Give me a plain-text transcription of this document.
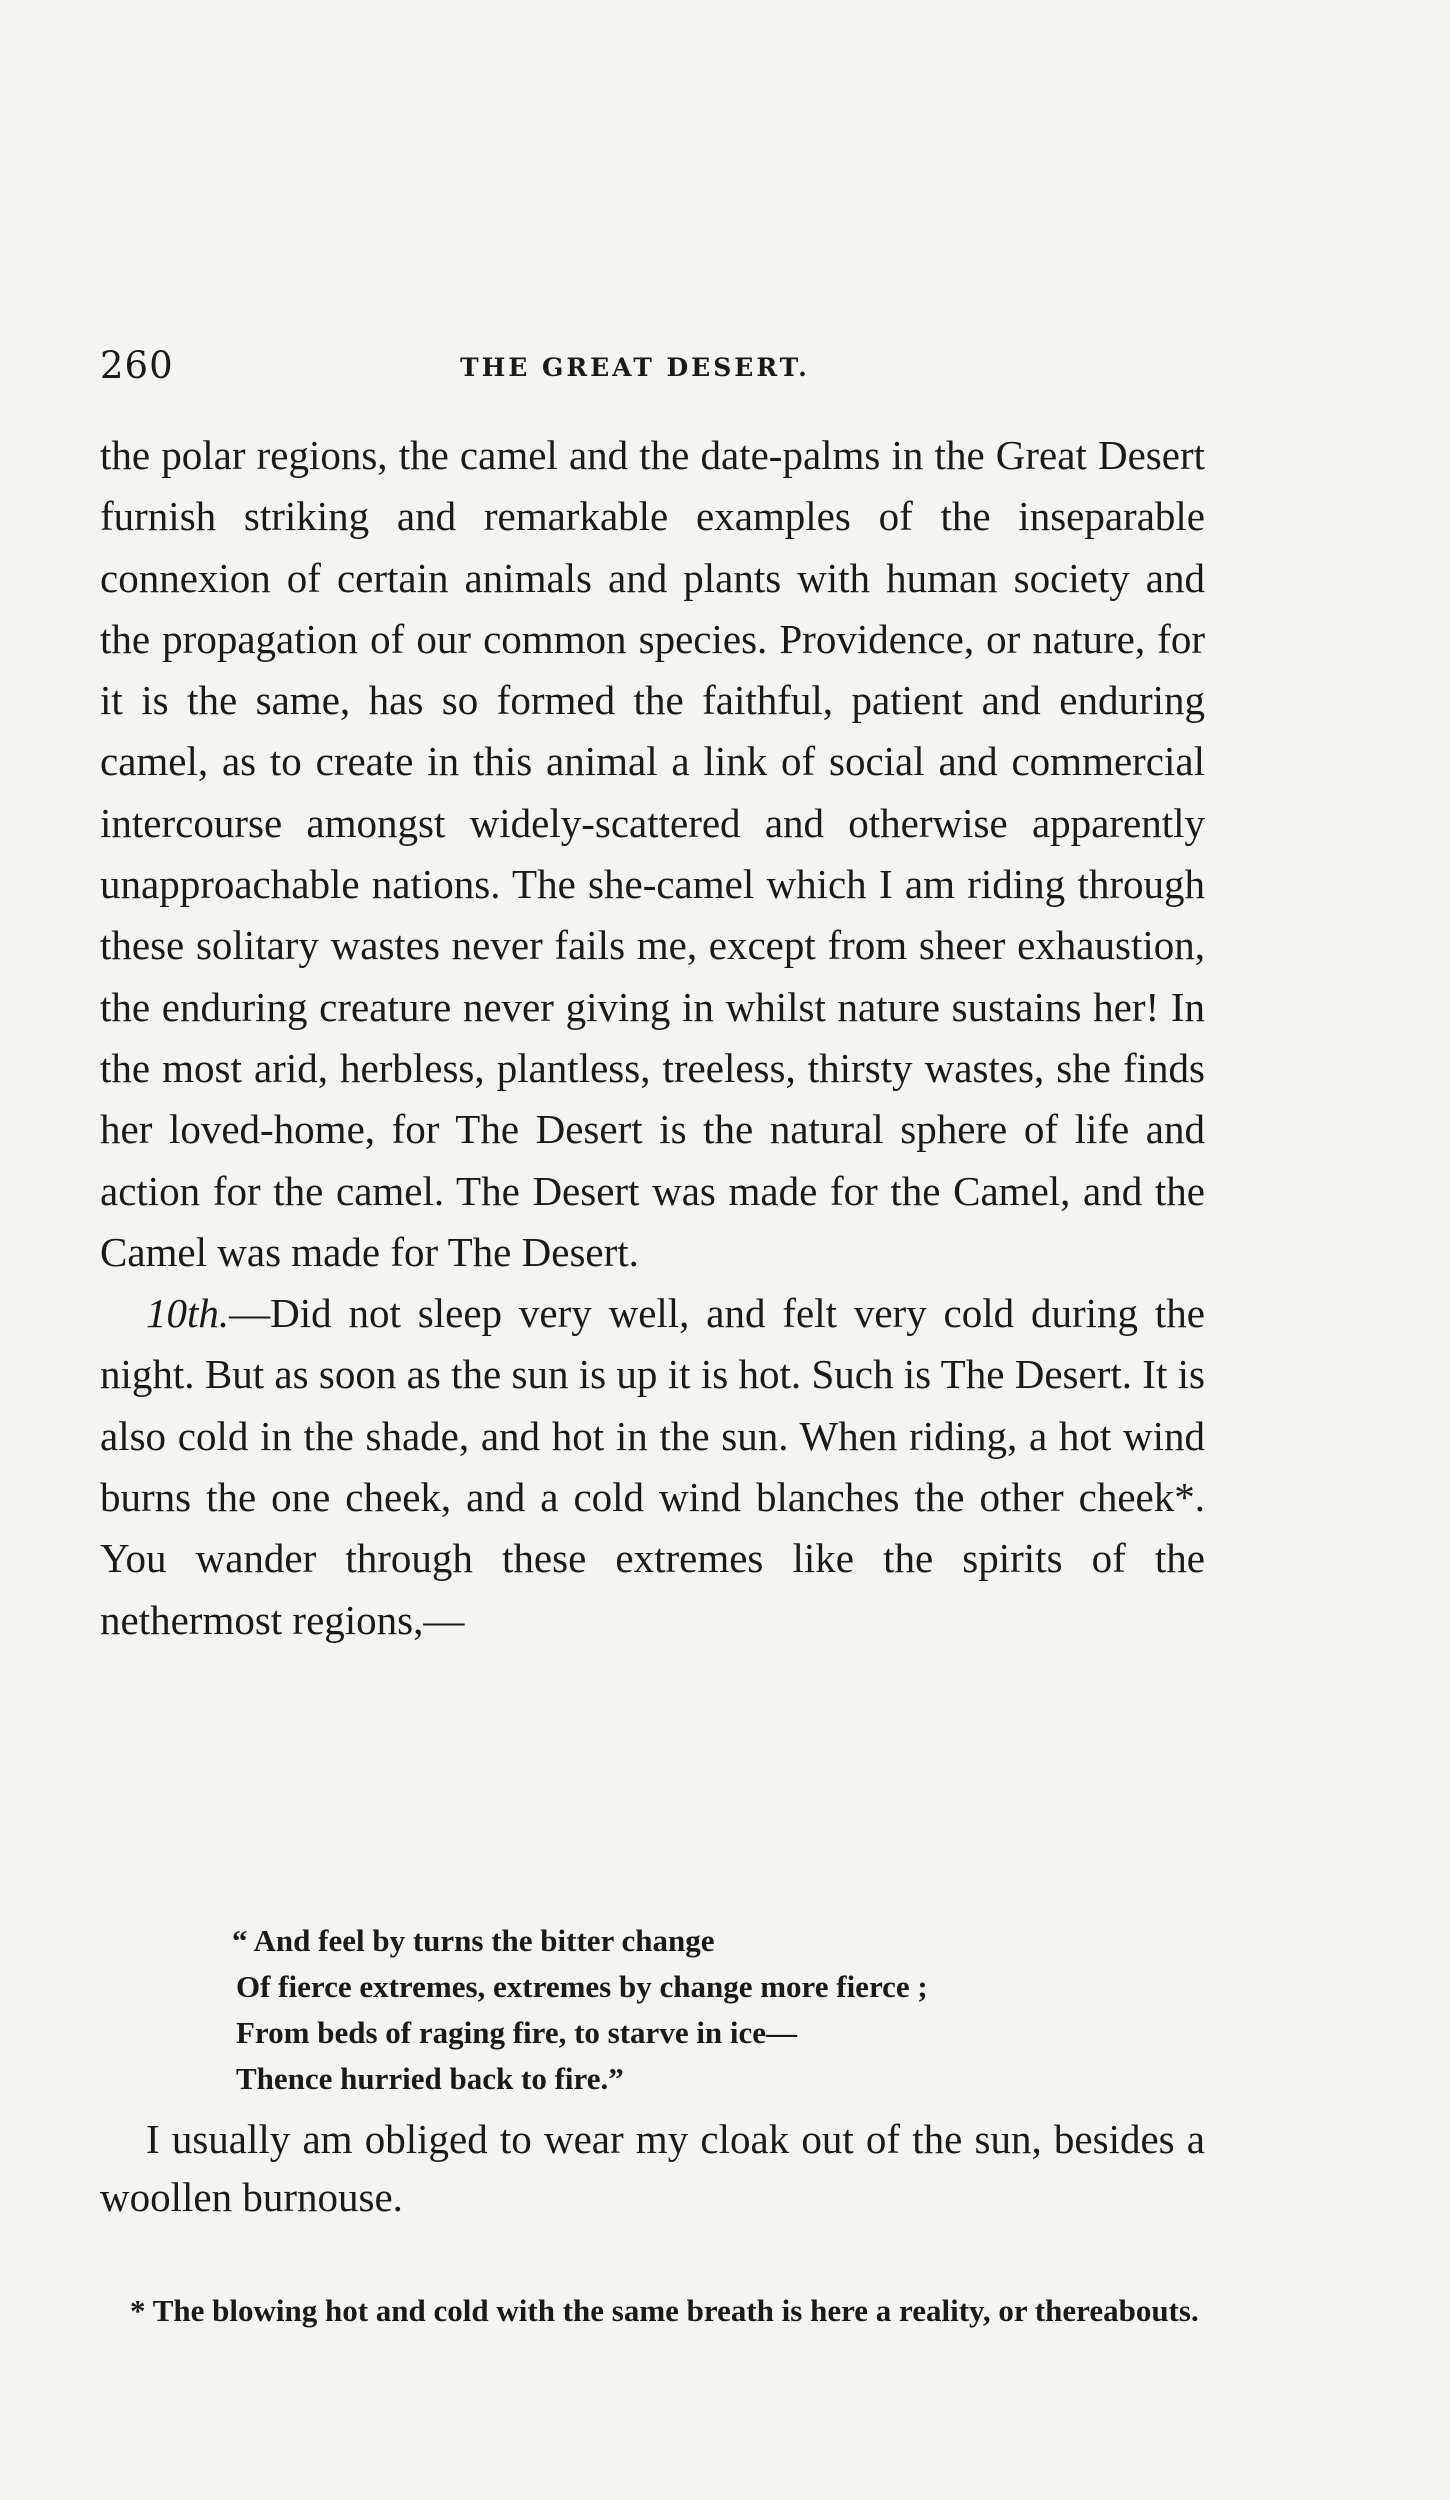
260	THE GREAT DESERT.

the polar regions, the camel and the date-palms in the Great Desert furnish striking and remarkable examples of the inseparable connexion of certain animals and plants with human society and the propagation of our common species. Providence, or nature, for it is the same, has so formed the faithful, patient and enduring camel, as to create in this animal a link of social and commercial intercourse amongst widely-scattered and otherwise apparently unapproachable nations. The she-camel which I am riding through these solitary wastes never fails me, except from sheer exhaustion, the enduring creature never giving in whilst nature sustains her! In the most arid, herbless, plantless, treeless, thirsty wastes, she finds her loved-home, for The Desert is the natural sphere of life and action for the camel. The Desert was made for the Camel, and the Camel was made for The Desert.

10th.—Did not sleep very well, and felt very cold during the night. But as soon as the sun is up it is hot. Such is The Desert. It is also cold in the shade, and hot in the sun. When riding, a hot wind burns the one cheek, and a cold wind blanches the other cheek*. You wander through these extremes like the spirits of the nethermost regions,—

“ And feel by turns the bitter change
Of fierce extremes, extremes by change more fierce ;
From beds of raging fire, to starve in ice—
Thence hurried back to fire.”

I usually am obliged to wear my cloak out of the sun, besides a woollen burnouse.

* The blowing hot and cold with the same breath is here a reality, or thereabouts.
